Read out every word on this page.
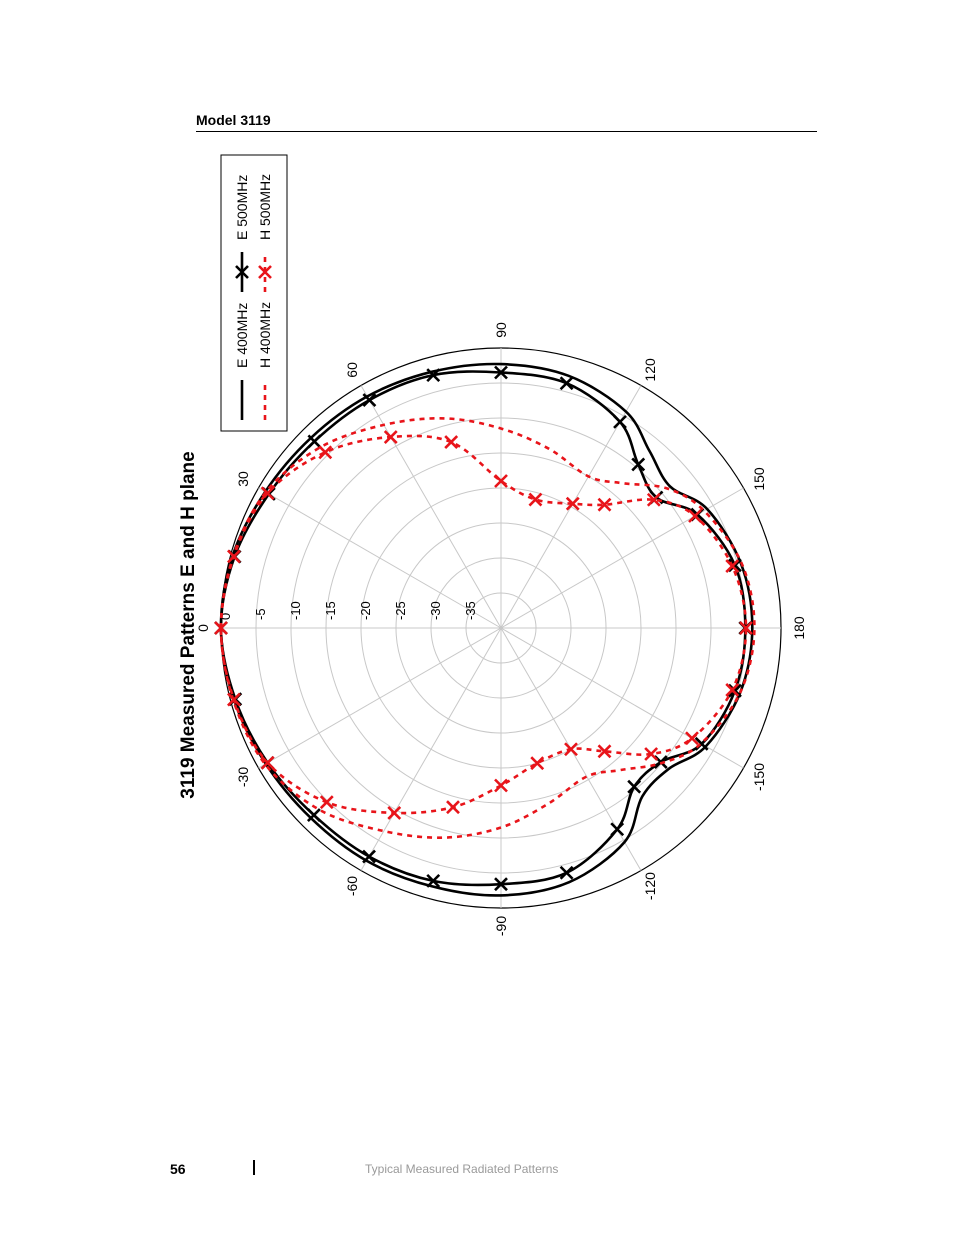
Model 3119
3119 Measured Patterns E and H plane 0 -5 -10 -15 -20 -25 -30 -35
0
30
60
90
120
150
180
-150
-120
-90
-60
-30
E 400MHz
E 500MHz
H 400MHz
H 500MHz
56	Typical Measured Radiated Patterns
